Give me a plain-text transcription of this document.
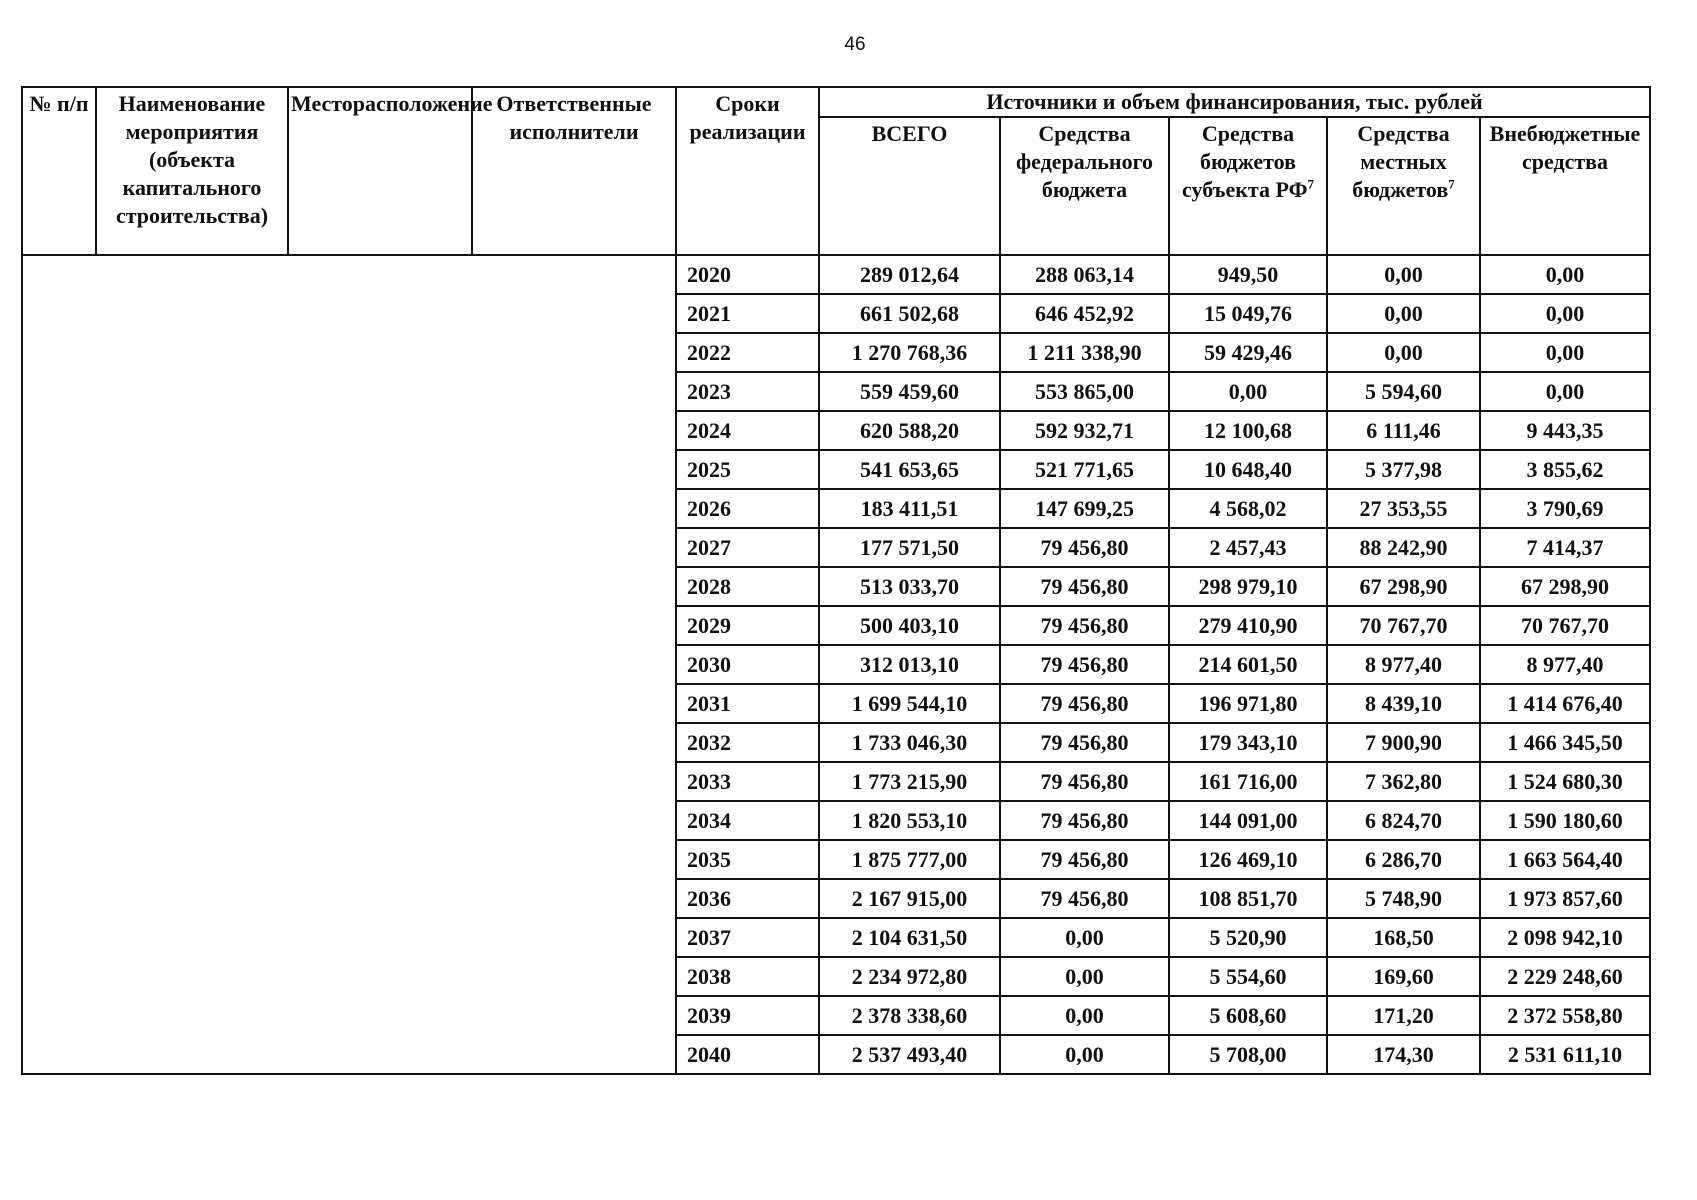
46
№ п/п	Наименование мероприятия (объекта капитального строительства)	Месторасположение	Ответственные исполнители	Сроки реализации	Источники и объем финансирования, тыс. рублей				
					ВСЕГО	Средства федерального бюджета	Средства бюджетов субъекта $РФ^7$	Средства местных бюджетов$^7$	Внебюджетные средства
				2020	289 012,64	288 063,14	949,50	0,00	0,00
				2021	661 502,68	646 452,92	15 049,76	0,00	0,00
				2022	1 270 768,36	1 211 338,90	59 429,46	0,00	0,00
				2023	559 459,60	553 865,00	0,00	5 594,60	0,00
				2024	620 588,20	592 932,71	12 100,68	6 111,46	9 443,35
				2025	541 653,65	521 771,65	10 648,40	5 377,98	3 855,62
				2026	183 411,51	147 699,25	4 568,02	27 353,55	3 790,69
				2027	177 571,50	79 456,80	2 457,43	88 242,90	7 414,37
				2028	513 033,70	79 456,80	298 979,10	67 298,90	67 298,90
				2029	500 403,10	79 456,80	279 410,90	70 767,70	70 767,70
				2030	312 013,10	79 456,80	214 601,50	8 977,40	8 977,40
				2031	1 699 544,10	79 456,80	196 971,80	8 439,10	1 414 676,40
				2032	1 733 046,30	79 456,80	179 343,10	7 900,90	1 466 345,50
				2033	1 773 215,90	79 456,80	161 716,00	7 362,80	1 524 680,30
				2034	1 820 553,10	79 456,80	144 091,00	6 824,70	1 590 180,60
				2035	1 875 777,00	79 456,80	126 469,10	6 286,70	1 663 564,40
				2036	2 167 915,00	79 456,80	108 851,70	5 748,90	1 973 857,60
				2037	2 104 631,50	0,00	5 520,90	168,50	2 098 942,10
				2038	2 234 972,80	0,00	5 554,60	169,60	2 229 248,60
				2039	2 378 338,60	0,00	5 608,60	171,20	2 372 558,80
				2040	2 537 493,40	0,00	5 708,00	174,30	2 531 611,10
